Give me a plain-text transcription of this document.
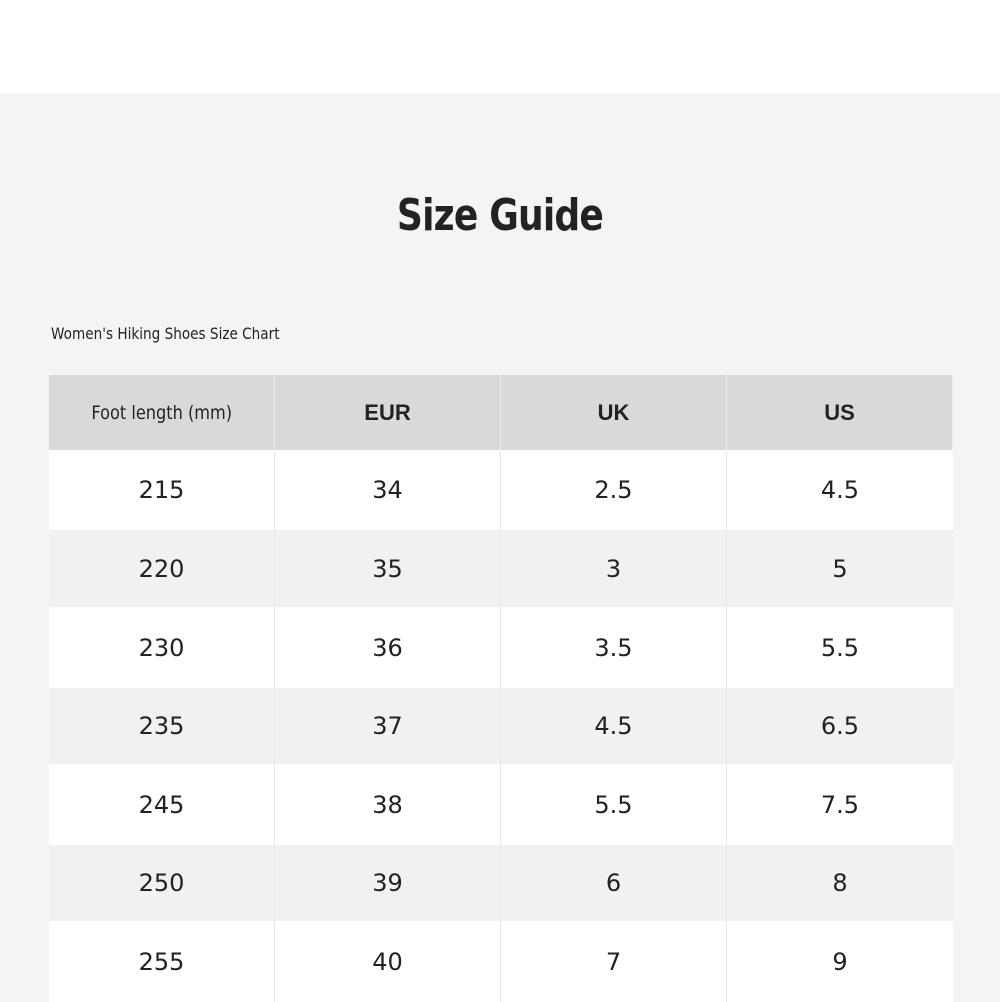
Size Guide
Women's Hiking Shoes Size Chart
Foot length (mm)	EUR	UK	US
215	34	2.5	4.5
220	35	3	5
230	36	3.5	5.5
235	37	4.5	6.5
245	38	5.5	7.5
250	39	6	8
255	40	7	9
